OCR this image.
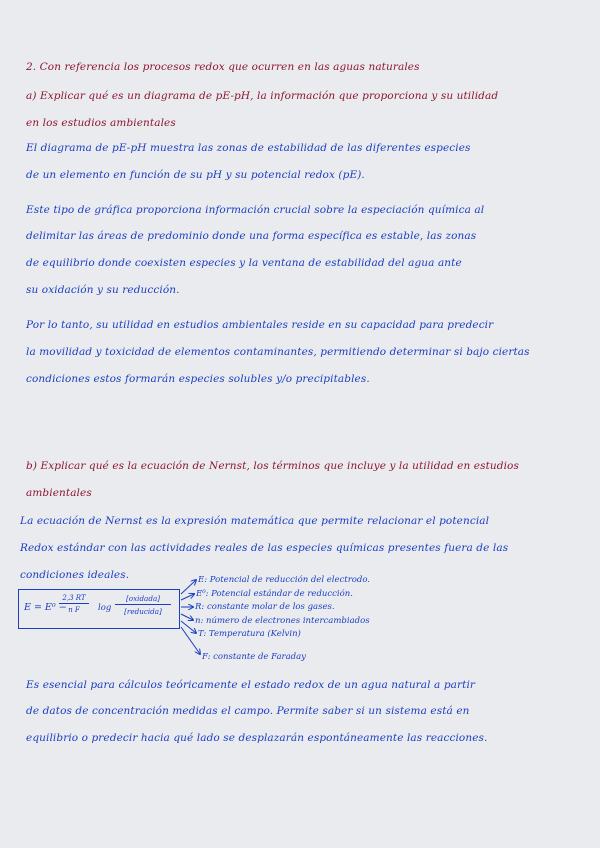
2. Con referencia los procesos redox que ocurren en las aguas naturales
a) Explicar qué es un diagrama de pE-pH, la información que proporciona y su utilidad
en los estudios ambientales
El diagrama de pE-pH muestra las zonas de estabilidad de las diferentes especies
de un elemento en función de su pH y su potencial redox (pE).
Este tipo de gráfica proporciona información crucial sobre la especiación química al
delimitar las áreas de predominio donde una forma específica es estable, las zonas
de equilibrio donde coexisten especies y la ventana de estabilidad del agua ante
su oxidación y su reducción.
Por lo tanto, su utilidad en estudios ambientales reside en su capacidad para predecir
la movilidad y toxicidad de elementos contaminantes, permitiendo determinar si bajo ciertas
condiciones estos formarán especies solubles y/o precipitables.
b) Explicar qué es la ecuación de Nernst, los términos que incluye y la utilidad en estudios
ambientales
La ecuación de Nernst es la expresión matemática que permite relacionar el potencial
Redox estándar con las actividades reales de las especies químicas presentes fuera de las
condiciones ideales.
E = E⁰ −
$\frac{2,3 RT}{\text{n F}}$ log
[oxidada]
[reducida]
E: Potencial de reducción del electrodo.
E⁰: Potencial estándar de reducción.
R: constante molar de los gases.
n: número de electrones intercambiados
T: Temperatura (Kelvin)
F: constante de Faraday
Es esencial para cálculos teóricamente el estado redox de un agua natural a partir
de datos de concentración medidas el campo. Permite saber si un sistema está en
equilibrio o predecir hacia qué lado se desplazarán espontáneamente las reacciones.
